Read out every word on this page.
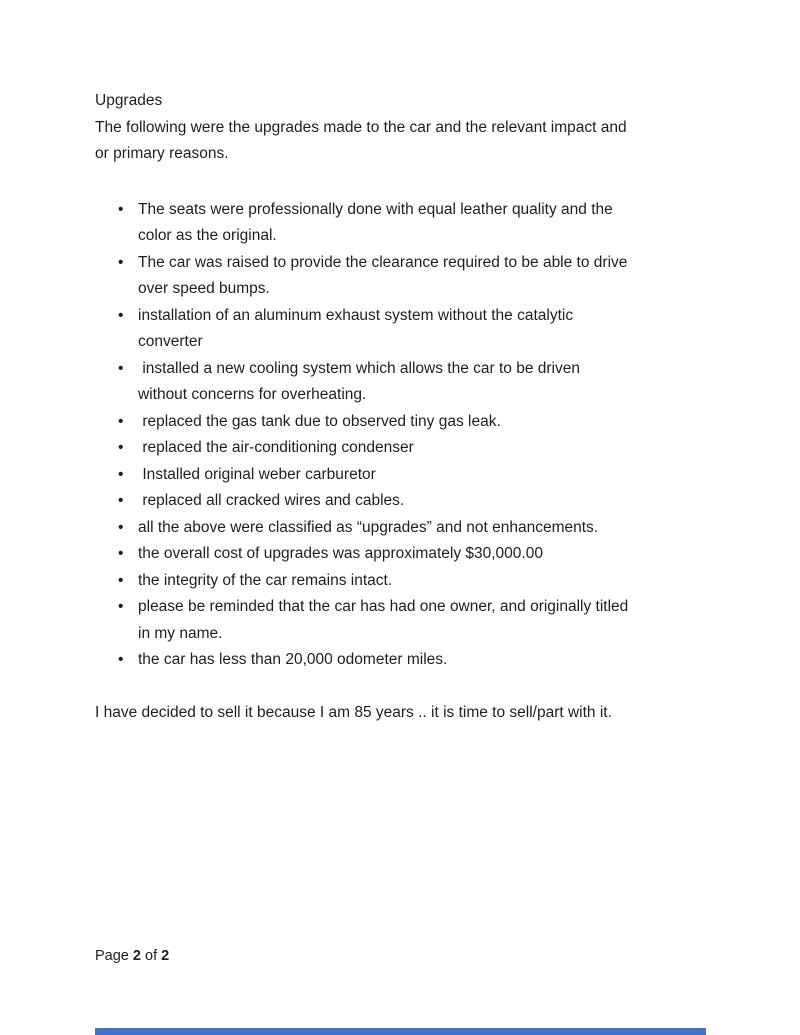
Upgrades

The following were the upgrades made to the car and the relevant impact and

or primary reasons.

• The seats were professionally done with equal leather quality and the
color as the original.
• The car was raised to provide the clearance required to be able to drive
over speed bumps.
• installation of an aluminum exhaust system without the catalytic
converter
• installed a new cooling system which allows the car to be driven
without concerns for overheating.
• replaced the gas tank due to observed tiny gas leak.
• replaced the air-conditioning condenser
• Installed original weber carburetor
• replaced all cracked wires and cables.
• all the above were classified as “upgrades” and not enhancements.
• the overall cost of upgrades was approximately $30,000.00
• the integrity of the car remains intact.
• please be reminded that the car has had one owner, and originally titled
in my name.
• the car has less than 20,000 odometer miles.

I have decided to sell it because I am 85 years .. it is time to sell/part with it.

Page 2 of 2
